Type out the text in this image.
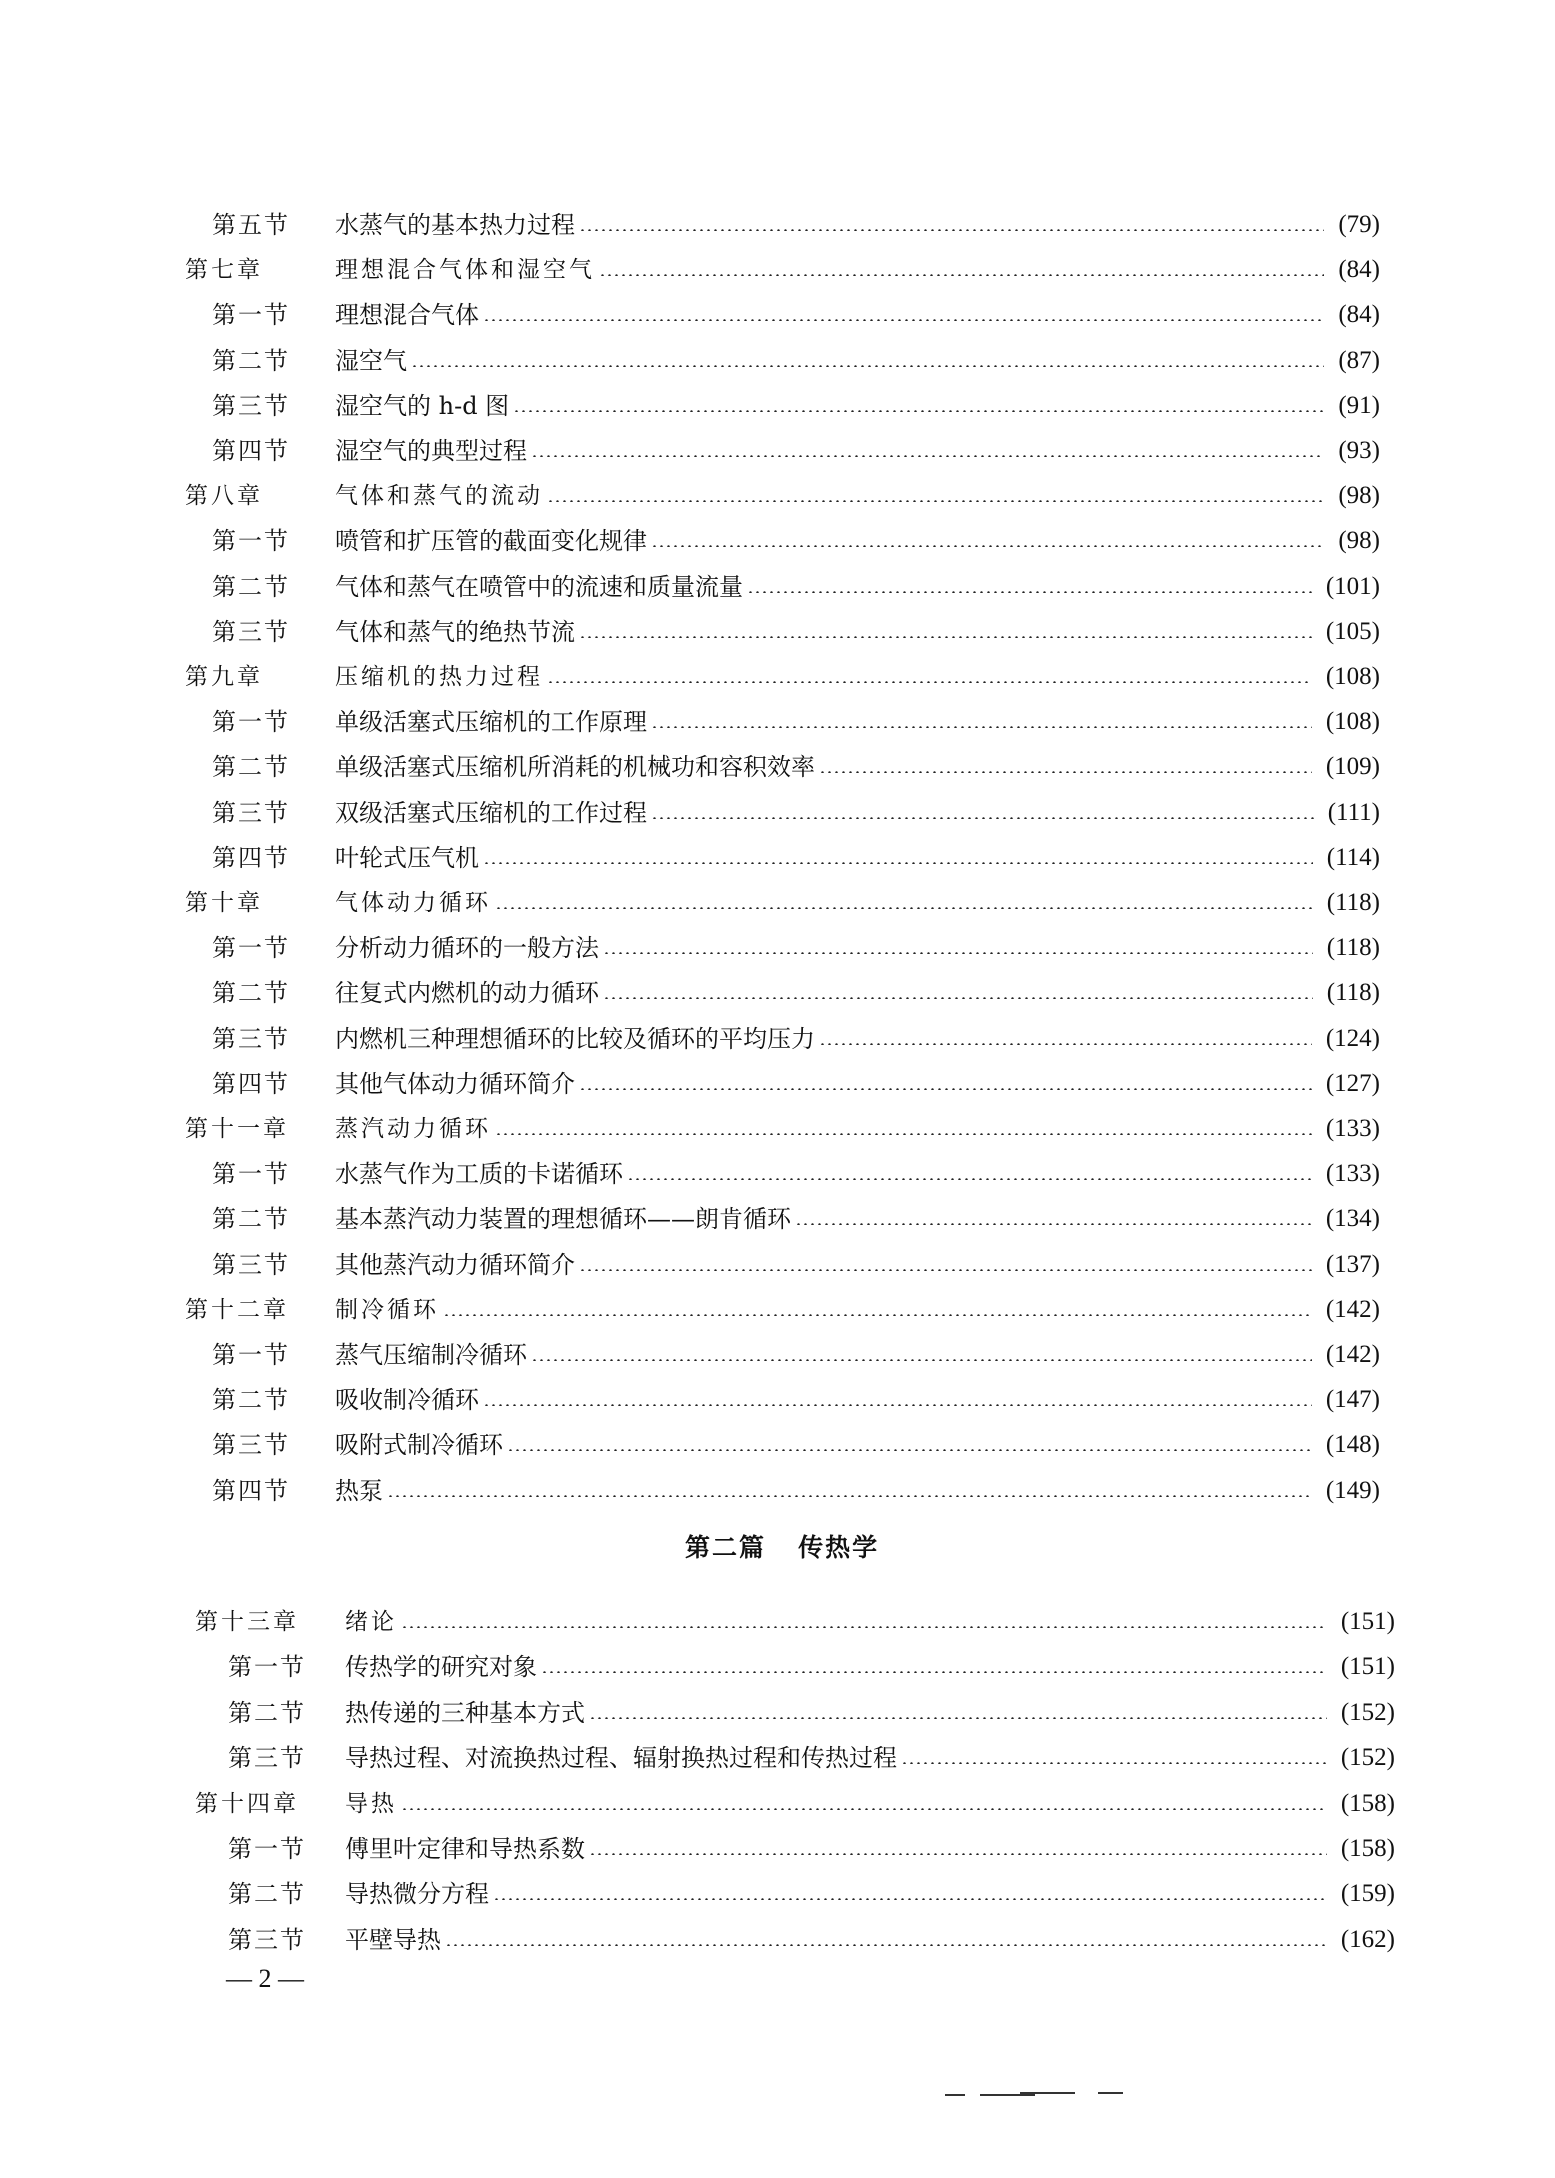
第五节	水蒸气的基本热力过程	(79)
第七章	理想混合气体和湿空气	(84)
第一节	理想混合气体	(84)
第二节	湿空气	(87)
第三节	湿空气的 h-d 图	(91)
第四节	湿空气的典型过程	(93)
第八章	气体和蒸气的流动	(98)
第一节	喷管和扩压管的截面变化规律	(98)
第二节	气体和蒸气在喷管中的流速和质量流量	(101)
第三节	气体和蒸气的绝热节流	(105)
第九章	压缩机的热力过程	(108)
第一节	单级活塞式压缩机的工作原理	(108)
第二节	单级活塞式压缩机所消耗的机械功和容积效率	(109)
第三节	双级活塞式压缩机的工作过程	(111)
第四节	叶轮式压气机	(114)
第十章	气体动力循环	(118)
第一节	分析动力循环的一般方法	(118)
第二节	往复式内燃机的动力循环	(118)
第三节	内燃机三种理想循环的比较及循环的平均压力	(124)
第四节	其他气体动力循环简介	(127)
第十一章	蒸汽动力循环	(133)
第一节	水蒸气作为工质的卡诺循环	(133)
第二节	基本蒸汽动力装置的理想循环——朗肯循环	(134)
第三节	其他蒸汽动力循环简介	(137)
第十二章	制冷循环	(142)
第一节	蒸气压缩制冷循环	(142)
第二节	吸收制冷循环	(147)
第三节	吸附式制冷循环	(148)
第四节	热泵	(149)
第二篇   传热学
第十三章	绪论	(151)
第一节	传热学的研究对象	(151)
第二节	热传递的三种基本方式	(152)
第三节	导热过程、对流换热过程、辐射换热过程和传热过程	(152)
第十四章	导热	(158)
第一节	傅里叶定律和导热系数	(158)
第二节	导热微分方程	(159)
第三节	平壁导热	(162)
— 2 —
